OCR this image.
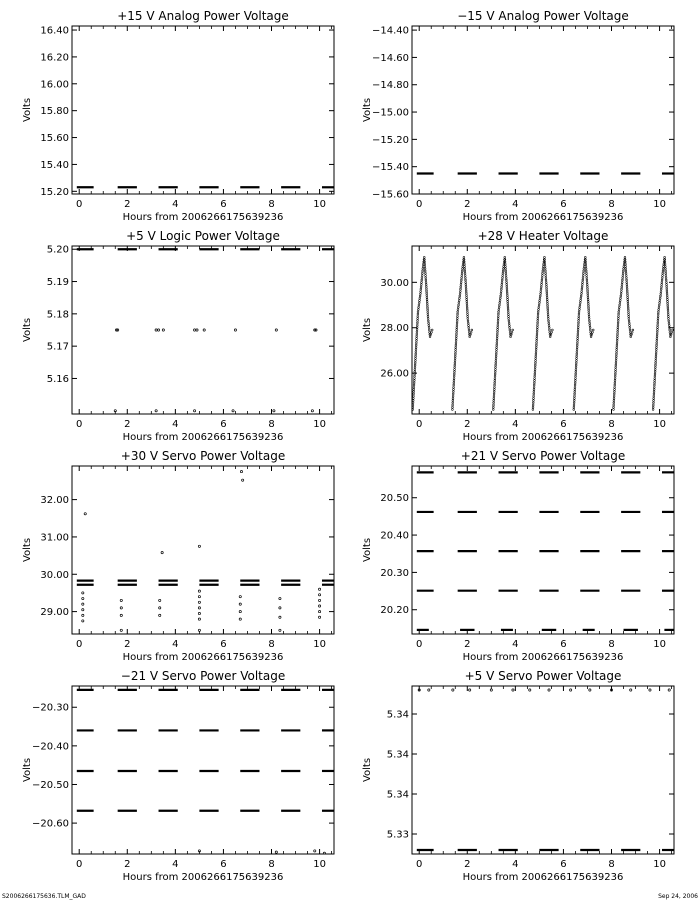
+15 V Analog Power Voltage
0	2	4	6	8	10
15.20
15.40
15.60
15.80
16.00
16.20
16.40
Hours from 2006266175639236
Volts
−15 V Analog Power Voltage
0	2	4	6	8	10
−14.40
−14.60
−14.80
−15.00
−15.20
−15.40
−15.60
Hours from 2006266175639236
Volts
+5 V Logic Power Voltage
0	2	4	6	8	10
5.16
5.17
5.18
5.19
5.20
Hours from 2006266175639236
Volts
+28 V Heater Voltage
0	2	4	6	8	10
26.00
28.00
30.00
Hours from 2006266175639236
Volts
+30 V Servo Power Voltage
0	2	4	6	8	10
29.00
30.00
31.00
32.00
Hours from 2006266175639236
Volts
+21 V Servo Power Voltage
0	2	4	6	8	10
20.20
20.30
20.40
20.50
Hours from 2006266175639236
Volts
−21 V Servo Power Voltage
0	2	4	6	8	10
−20.30
−20.40
−20.50
−20.60
Hours from 2006266175639236
Volts
+5 V Servo Power Voltage
0	2	4	6	8	10
5.33
5.34
5.34
5.34
Hours from 2006266175639236
Volts
S2006266175636.TLM_GAD	Sep 24, 2006
